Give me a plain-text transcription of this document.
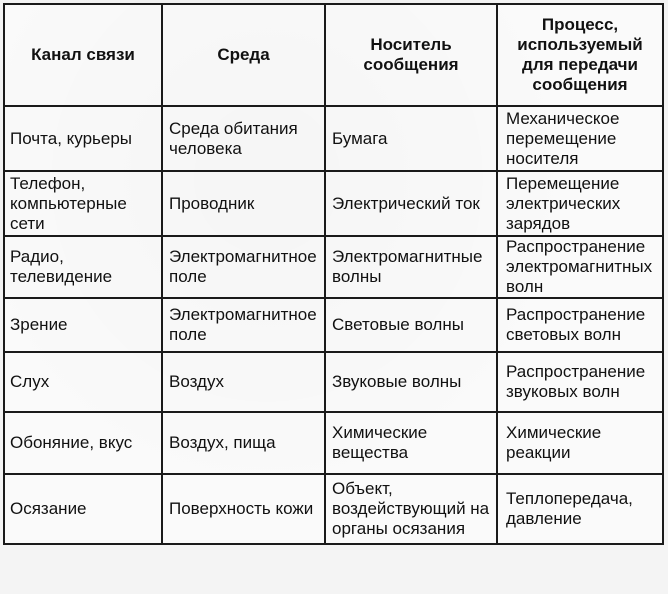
Канал связи	Среда	Носитель сообщения	Процесс, используемый для передачи сообщения
Почта, курьеры	Среда обитания человека	Бумага	Механическое перемещение носителя
Телефон, компьютерные сети	Проводник	Электрический ток	Перемещение электрических зарядов
Радио, телевидение	Электромагнитное поле	Электромагнитные волны	Распространение электромагнитных волн
Зрение	Электромагнитное поле	Световые волны	Распространение световых волн
Слух	Воздух	Звуковые волны	Распространение звуковых волн
Обоняние, вкус	Воздух, пища	Химические вещества	Химические реакции
Осязание	Поверхность кожи	Объект, воздействующий на органы осязания	Теплопередача, давление
